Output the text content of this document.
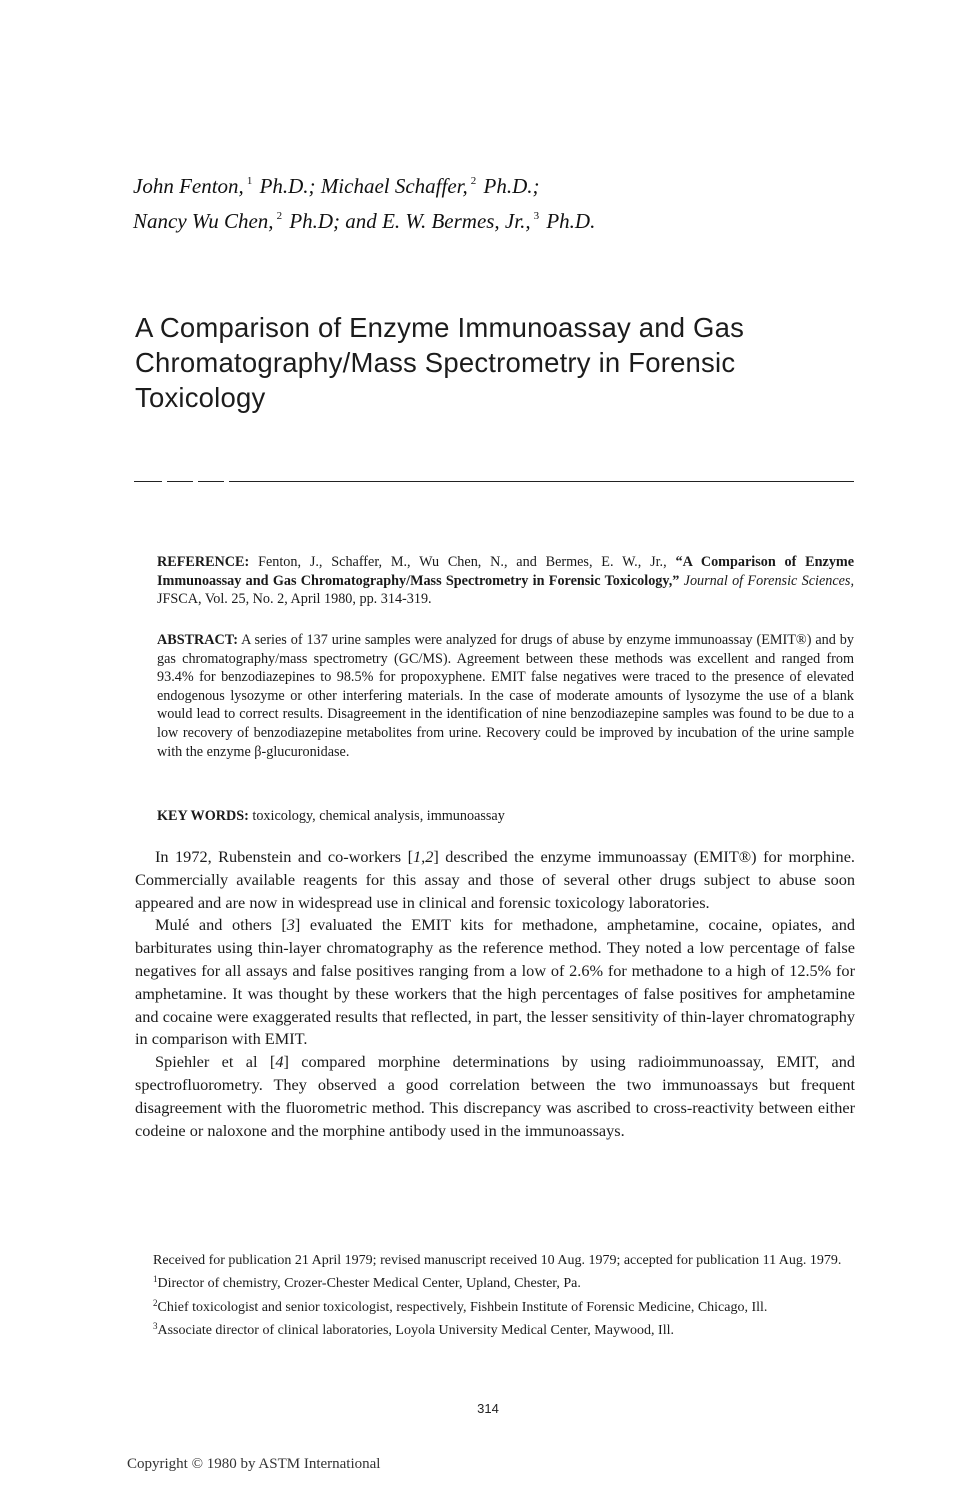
John Fenton, $^1$ Ph.D.; Michael Schaffer, $^2$ Ph.D.;
Nancy Wu Chen, $^2$ Ph.D; and E. W. Bermes, Jr., $^3$ Ph.D.
A Comparison of Enzyme Immunoassay and Gas Chromatography/Mass Spectrometry in Forensic Toxicology
REFERENCE: Fenton, J., Schaffer, M., Wu Chen, N., and Bermes, E. W., Jr., “A Comparison of Enzyme Immunoassay and Gas Chromatography/Mass Spectrometry in Forensic Toxicology,” Journal of Forensic Sciences, JFSCA, Vol. 25, No. 2, April 1980, pp. 314-319.
ABSTRACT: A series of 137 urine samples were analyzed for drugs of abuse by enzyme immunoassay (EMIT®) and by gas chromatography/mass spectrometry (GC/MS). Agreement between these methods was excellent and ranged from 93.4% for benzodiazepines to 98.5% for propoxyphene. EMIT false negatives were traced to the presence of elevated endogenous lysozyme or other interfering materials. In the case of moderate amounts of lysozyme the use of a blank would lead to correct results. Disagreement in the identification of nine benzodiazepine samples was found to be due to a low recovery of benzodiazepine metabolites from urine. Recovery could be improved by incubation of the urine sample with the enzyme β-glucuronidase.
KEY WORDS: toxicology, chemical analysis, immunoassay

In 1972, Rubenstein and co-workers [1,2] described the enzyme immunoassay (EMIT®) for morphine. Commercially available reagents for this assay and those of several other drugs subject to abuse soon appeared and are now in widespread use in clinical and forensic toxicology laboratories.

Mulé and others [3] evaluated the EMIT kits for methadone, amphetamine, cocaine, opiates, and barbiturates using thin-layer chromatography as the reference method. They noted a low percentage of false negatives for all assays and false positives ranging from a low of 2.6% for methadone to a high of 12.5% for amphetamine. It was thought by these workers that the high percentages of false positives for amphetamine and cocaine were exaggerated results that reflected, in part, the lesser sensitivity of thin-layer chromatography in comparison with EMIT.

Spiehler et al [4] compared morphine determinations by using radioimmunoassay, EMIT, and spectrofluorometry. They observed a good correlation between the two immunoassays but frequent disagreement with the fluorometric method. This discrepancy was ascribed to cross-reactivity between either codeine or naloxone and the morphine antibody used in the immunoassays.

Received for publication 21 April 1979; revised manuscript received 10 Aug. 1979; accepted for publication 11 Aug. 1979.

$^1$Director of chemistry, Crozer-Chester Medical Center, Upland, Chester, Pa.

$^2$Chief toxicologist and senior toxicologist, respectively, Fishbein Institute of Forensic Medicine, Chicago, Ill.

$^3$Associate director of clinical laboratories, Loyola University Medical Center, Maywood, Ill.

314
Copyright © 1980 by ASTM International
